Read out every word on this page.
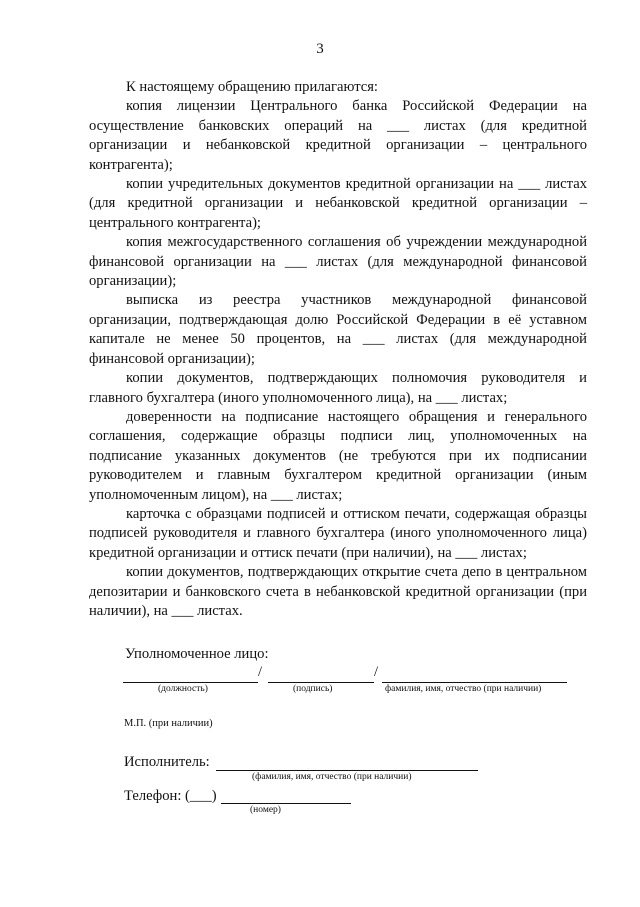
3

К настоящему обращению прилагаются:

копия лицензии Центрального банка Российской Федерации на осуществление банковских операций на ___ листах (для кредитной организации и небанковской кредитной организации – центрального контрагента);

копии учредительных документов кредитной организации на ___ листах (для кредитной организации и небанковской кредитной организации – центрального контрагента);

копия межгосударственного соглашения об учреждении международной финансовой организации на ___ листах (для международной финансовой организации);

выписка из реестра участников международной финансовой организации, подтверждающая долю Российской Федерации в её уставном капитале не менее 50 процентов, на ___ листах (для международной финансовой организации);

копии документов, подтверждающих полномочия руководителя и главного бухгалтера (иного уполномоченного лица), на ___ листах;

доверенности на подписание настоящего обращения и генерального соглашения, содержащие образцы подписи лиц, уполномоченных на подписание указанных документов (не требуются при их подписании руководителем и главным бухгалтером кредитной организации (иным уполномоченным лицом), на ___ листах;

карточка с образцами подписей и оттиском печати, содержащая образцы подписей руководителя и главного бухгалтера (иного уполномоченного лица) кредитной организации и оттиск печати (при наличии), на ___ листах;

копии документов, подтверждающих открытие счета депо в центральном депозитарии и банковского счета в небанковской кредитной организации (при наличии), на ___ листах.

Уполномоченное лицо:
/	/
(должность)	(подпись)	фамилия, имя, отчество (при наличии)
М.П. (при наличии)
Исполнитель:
(фамилия, имя, отчество (при наличии)
Телефон: (___)
(номер)
